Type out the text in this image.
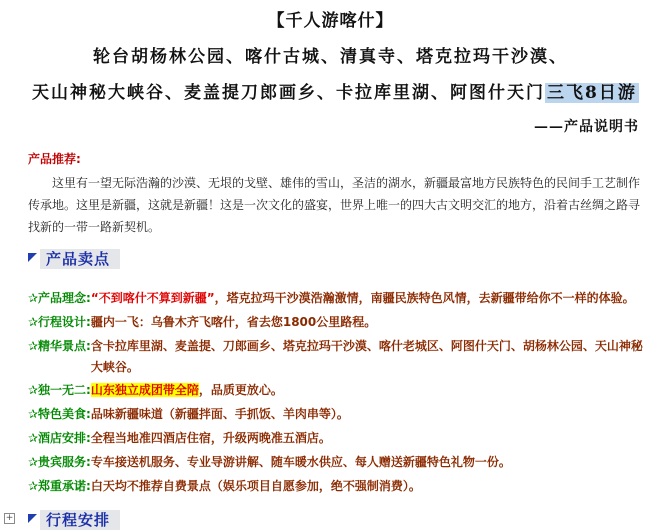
【千人游喀什】
轮台胡杨林公园、喀什古城、清真寺、塔克拉玛干沙漠、
天山神秘大峡谷、麦盖提刀郎画乡、卡拉库里湖、阿图什天门 三飞8日游
——产品说明书
产品推荐:
这里有一望无际浩瀚的沙漠、无垠的戈壁、雄伟的雪山，圣洁的湖水，新疆最富地方民族特色的民间手工艺制作传承地。这里是新疆，这就是新疆！这是一次文化的盛宴，世界上唯一的四大古文明交汇的地方，沿着古丝绸之路寻找新的一带一路新契机。
产品卖点
✰产品理念: “不到喀什不算到新疆”，塔克拉玛干沙漠浩瀚激情，南疆民族特色风情，去新疆带给你不一样的体验。
✰行程设计: 疆内一飞：乌鲁木齐飞喀什，省去您1800公里路程。
✰精华景点: 含卡拉库里湖、麦盖提、刀郎画乡、塔克拉玛干沙漠、喀什老城区、阿图什天门、胡杨林公园、天山神秘大峡谷。
✰独一无二: 山东独立成团带全陪，品质更放心。
✰特色美食: 品味新疆味道（新疆拌面、手抓饭、羊肉串等）。
✰酒店安排: 全程当地准四酒店住宿，升级两晚准五酒店。
✰贵宾服务: 专车接送机服务、专业导游讲解、随车暖水供应、每人赠送新疆特色礼物一份。
✰郑重承诺: 白天均不推荐自费景点（娱乐项目自愿参加，绝不强制消费）。
行程安排
+
